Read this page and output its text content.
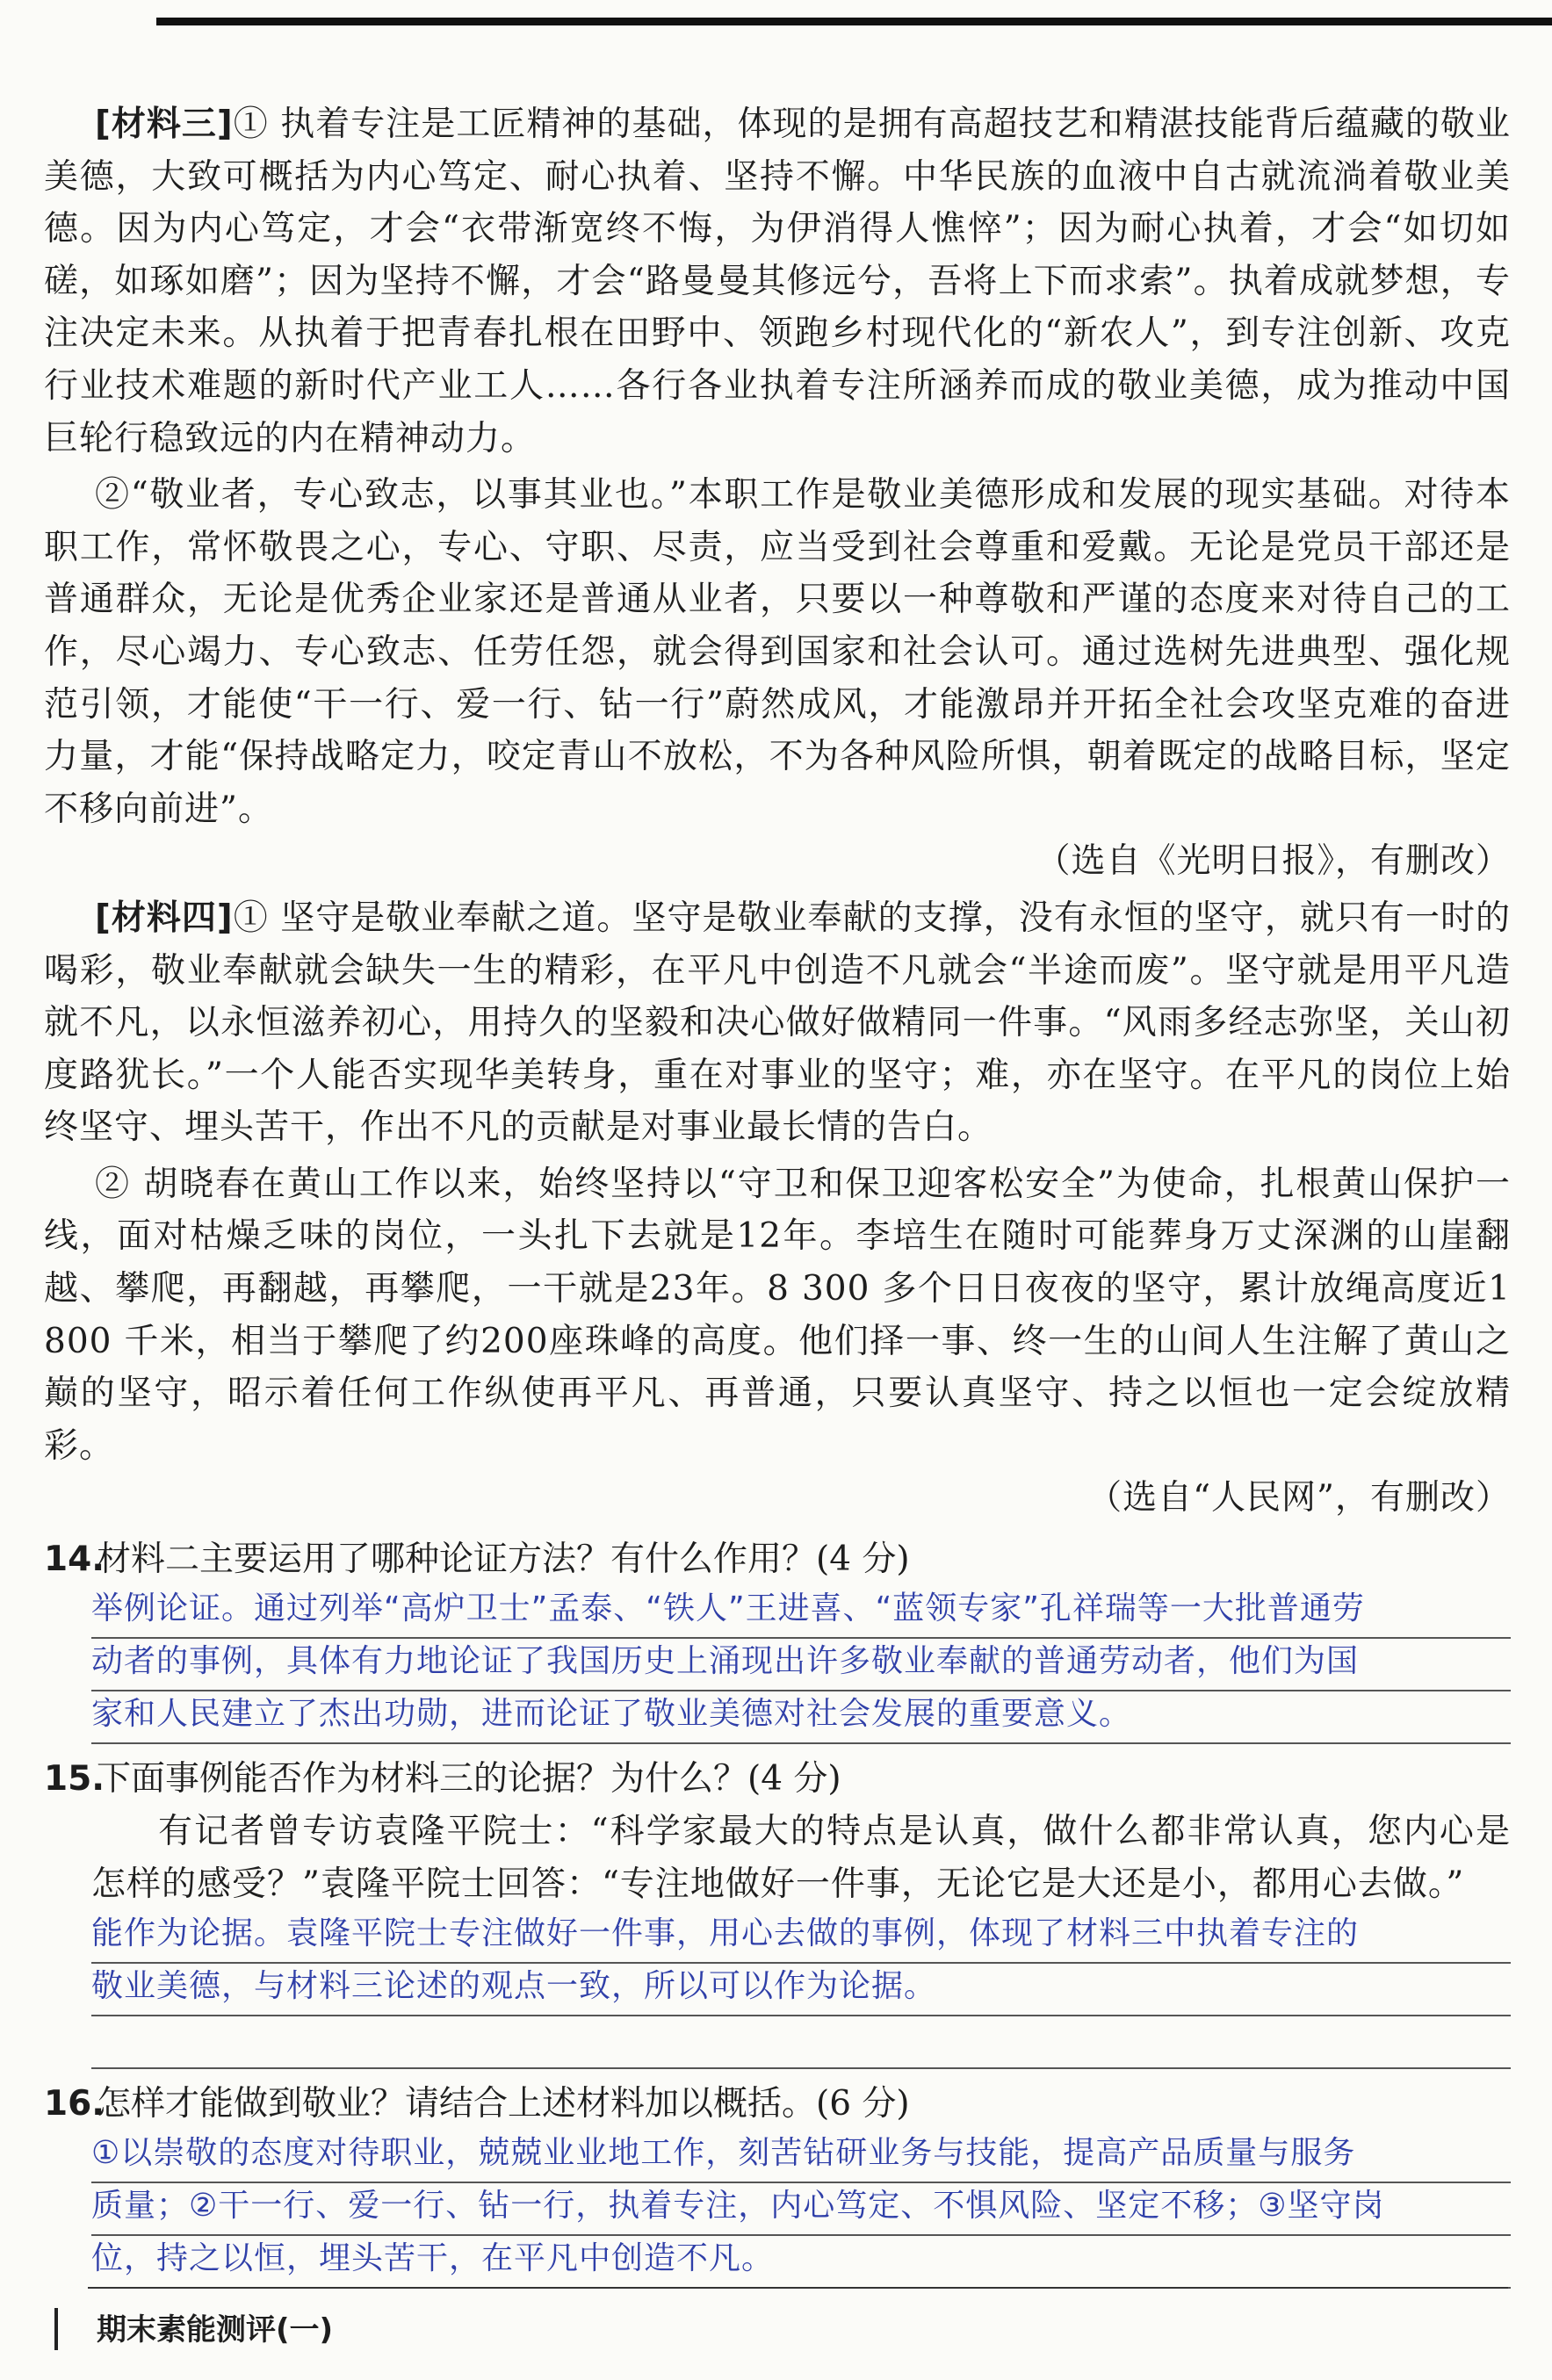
[材料三]① 执着专注是工匠精神的基础，体现的是拥有高超技艺和精湛技能背后蕴藏的敬业美德，大致可概括为内心笃定、耐心执着、坚持不懈。中华民族的血液中自古就流淌着敬业美德。因为内心笃定，才会“衣带渐宽终不悔，为伊消得人憔悴”；因为耐心执着，才会“如切如磋，如琢如磨”；因为坚持不懈，才会“路曼曼其修远兮，吾将上下而求索”。执着成就梦想，专注决定未来。从执着于把青春扎根在田野中、领跑乡村现代化的“新农人”，到专注创新、攻克行业技术难题的新时代产业工人……各行各业执着专注所涵养而成的敬业美德，成为推动中国巨轮行稳致远的内在精神动力。

②“敬业者，专心致志，以事其业也。”本职工作是敬业美德形成和发展的现实基础。对待本职工作，常怀敬畏之心，专心、守职、尽责，应当受到社会尊重和爱戴。无论是党员干部还是普通群众，无论是优秀企业家还是普通从业者，只要以一种尊敬和严谨的态度来对待自己的工作，尽心竭力、专心致志、任劳任怨，就会得到国家和社会认可。通过选树先进典型、强化规范引领，才能使“干一行、爱一行、钻一行”蔚然成风，才能激昂并开拓全社会攻坚克难的奋进力量，才能“保持战略定力，咬定青山不放松，不为各种风险所惧，朝着既定的战略目标，坚定不移向前进”。
（选自《光明日报》，有删改）

[材料四]① 坚守是敬业奉献之道。坚守是敬业奉献的支撑，没有永恒的坚守，就只有一时的喝彩，敬业奉献就会缺失一生的精彩，在平凡中创造不凡就会“半途而废”。坚守就是用平凡造就不凡，以永恒滋养初心，用持久的坚毅和决心做好做精同一件事。“风雨多经志弥坚，关山初度路犹长。”一个人能否实现华美转身，重在对事业的坚守；难，亦在坚守。在平凡的岗位上始终坚守、埋头苦干，作出不凡的贡献是对事业最长情的告白。

② 胡晓春在黄山工作以来，始终坚持以“守卫和保卫迎客松安全”为使命，扎根黄山保护一线，面对枯燥乏味的岗位，一头扎下去就是12年。李培生在随时可能葬身万丈深渊的山崖翻越、攀爬，再翻越，再攀爬，一干就是23年。8 300 多个日日夜夜的坚守，累计放绳高度近1 800 千米，相当于攀爬了约200座珠峰的高度。他们择一事、终一生的山间人生注解了黄山之巅的坚守，昭示着任何工作纵使再平凡、再普通，只要认真坚守、持之以恒也一定会绽放精彩。
（选自“人民网”，有删改）

14.材料二主要运用了哪种论证方法？有什么作用？(4 分)

举例论证。通过列举“高炉卫士”孟泰、“铁人”王进喜、“蓝领专家”孔祥瑞等一大批普通劳
动者的事例，具体有力地论证了我国历史上涌现出许多敬业奉献的普通劳动者，他们为国
家和人民建立了杰出功勋，进而论证了敬业美德对社会发展的重要意义。

15.下面事例能否作为材料三的论据？为什么？(4 分)

有记者曾专访袁隆平院士：“科学家最大的特点是认真，做什么都非常认真，您内心是怎样的感受？”袁隆平院士回答：“专注地做好一件事，无论它是大还是小，都用心去做。”

能作为论据。袁隆平院士专注做好一件事，用心去做的事例，体现了材料三中执着专注的
敬业美德，与材料三论述的观点一致，所以可以作为论据。

16.怎样才能做到敬业？请结合上述材料加以概括。(6 分)

①以崇敬的态度对待职业，兢兢业业地工作，刻苦钻研业务与技能，提高产品质量与服务
质量；②干一行、爱一行、钻一行，执着专注，内心笃定、不惧风险、坚定不移；③坚守岗
位，持之以恒，埋头苦干，在平凡中创造不凡。
期末素能测评(一)
